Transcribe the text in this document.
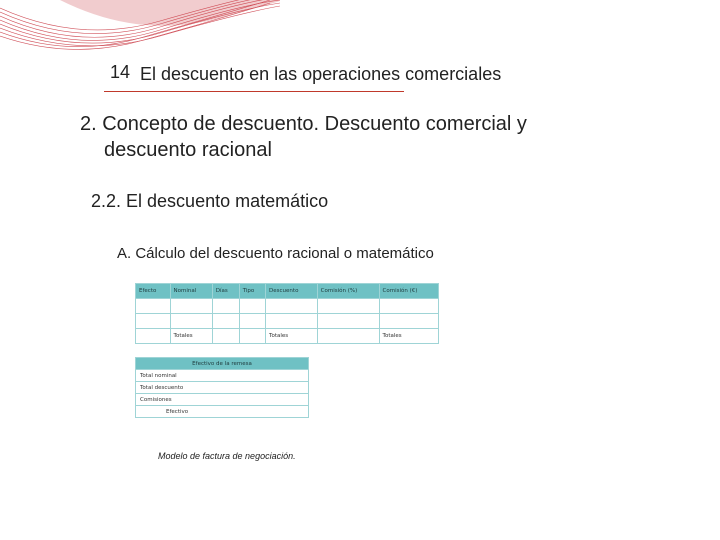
14 El descuento en las operaciones comerciales
2. Concepto de descuento. Descuento comercial y
descuento racional
2.2. El descuento matemático
A. Cálculo del descuento racional o matemático
Efecto	Nominal	Días	Tipo	Descuento	Comisión (%)	Comisión (€)

	Totales			Totales		Totales
Efectivo de la remesa
Total nominal
Total descuento
Comisiones
Efectivo
Modelo de factura de negociación.
